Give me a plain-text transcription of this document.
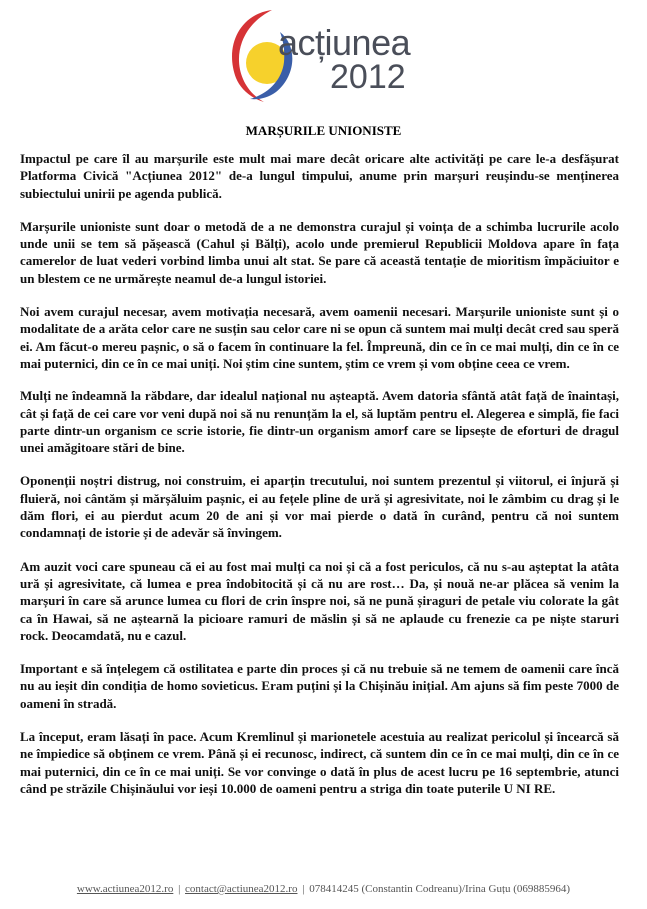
acțiunea
2012
MARȘURILE UNIONISTE

Impactul pe care îl au marșurile este mult mai mare decât oricare alte activități pe care le-a desfășurat Platforma Civică "Acțiunea 2012" de-a lungul timpului, anume prin marșuri reușindu-se menținerea subiectului unirii pe agenda publică.

Marșurile unioniste sunt doar o metodă de a ne demonstra curajul și voința de a schimba lucrurile acolo unde unii se tem să pășească (Cahul și Bălți), acolo unde premierul Republicii Moldova apare în fața camerelor de luat vederi vorbind limba unui alt stat. Se pare că această tentație de mioritism împăciuitor e un blestem ce ne urmărește neamul de-a lungul istoriei.

Noi avem curajul necesar, avem motivația necesară, avem oamenii necesari. Marșurile unioniste sunt și o modalitate de a arăta celor care ne susțin sau celor care ni se opun că suntem mai mulți decât cred sau speră ei. Am făcut-o mereu pașnic, o să o facem în continuare la fel. Împreună, din ce în ce mai mulți, din ce în ce mai puternici, din ce în ce mai uniți. Noi știm cine suntem, știm ce vrem și vom obține ceea ce vrem.

Mulți ne îndeamnă la răbdare, dar idealul național nu așteaptă. Avem datoria sfântă atât față de înaintași, cât și față de cei care vor veni după noi să nu renunțăm la el, să luptăm pentru el. Alegerea e simplă, fie faci parte dintr-un organism ce scrie istorie, fie dintr-un organism amorf care se lipsește de eforturi de dragul unei amăgitoare stări de bine.

Oponenții noștri distrug, noi construim, ei aparțin trecutului, noi suntem prezentul și viitorul, ei înjură și fluieră, noi cântăm și mărșăluim pașnic, ei au fețele pline de ură și agresivitate, noi le zâmbim cu drag și le dăm flori, ei au pierdut acum 20 de ani și vor mai pierde o dată în curând, pentru că noi suntem condamnați de istorie și de adevăr să învingem.

Am auzit voci care spuneau că ei au fost mai mulți ca noi și că a fost periculos, că nu s-au așteptat la atâta ură și agresivitate, că lumea e prea îndobitocită și că nu are rost… Da, și nouă ne-ar plăcea să venim la marșuri în care să arunce lumea cu flori de crin înspre noi, să ne pună șiraguri de petale viu colorate la gât ca în Hawai, să ne aștearnă la picioare ramuri de măslin și să ne aplaude cu frenezie ca pe niște staruri rock. Deocamdată, nu e cazul.

Important e să înțelegem că ostilitatea e parte din proces și că nu trebuie să ne temem de oamenii care încă nu au ieșit din condiția de homo sovieticus. Eram puțini și la Chișinău inițial. Am ajuns să fim peste 7000 de oameni în stradă.

La început, eram lăsați în pace. Acum Kremlinul și marionetele acestuia au realizat pericolul și încearcă să ne împiedice să obținem ce vrem. Până și ei recunosc, indirect, că suntem din ce în ce mai mulți, din ce în ce mai puternici, din ce în ce mai uniți. Se vor convinge o dată în plus de acest lucru pe 16 septembrie, atunci când pe străzile Chișinăului vor ieși 10.000 de oameni pentru a striga din toate puterile U NI RE.

www.actiunea2012.ro | contact@actiunea2012.ro | 078414245 (Constantin Codreanu)/Irina Guțu (069885964)
